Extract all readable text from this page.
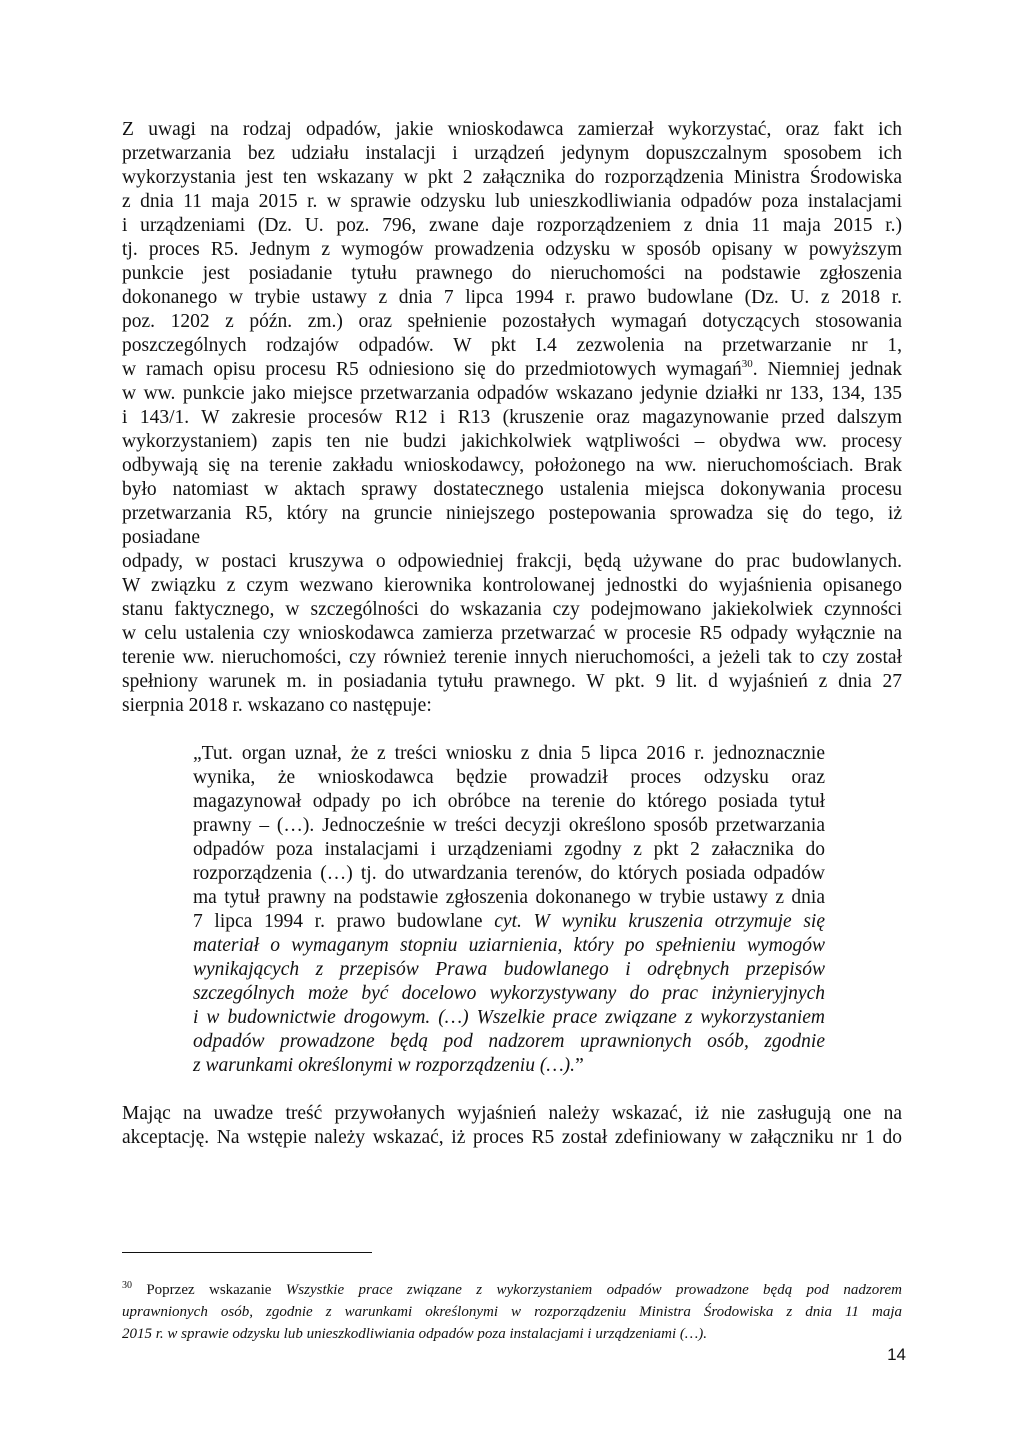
Z uwagi na rodzaj odpadów, jakie wnioskodawca zamierzał wykorzystać, oraz fakt ich

przetwarzania bez udziału instalacji i urządzeń jedynym dopuszczalnym sposobem ich

wykorzystania jest ten wskazany w pkt 2 załącznika do rozporządzenia Ministra Środowiska

z dnia 11 maja 2015 r. w sprawie odzysku lub unieszkodliwiania odpadów poza instalacjami

i urządzeniami (Dz. U. poz. 796, zwane daje rozporządzeniem z dnia 11 maja 2015 r.)

tj. proces R5. Jednym z wymogów prowadzenia odzysku w sposób opisany w powyższym

punkcie jest posiadanie tytułu prawnego do nieruchomości na podstawie zgłoszenia

dokonanego w trybie ustawy z dnia 7 lipca 1994 r. prawo budowlane (Dz. U. z 2018 r.

poz. 1202 z późn. zm.) oraz spełnienie pozostałych wymagań dotyczących stosowania

poszczególnych rodzajów odpadów. W pkt I.4 zezwolenia na przetwarzanie nr 1,

w ramach opisu procesu R5 odniesiono się do przedmiotowych wymagań$^{30}$. Niemniej jednak

w ww. punkcie jako miejsce przetwarzania odpadów wskazano jedynie działki nr 133, 134, 135

i 143/1. W zakresie procesów R12 i R13 (kruszenie oraz magazynowanie przed dalszym

wykorzystaniem) zapis ten nie budzi jakichkolwiek wątpliwości – obydwa ww. procesy

odbywają się na terenie zakładu wnioskodawcy, położonego na ww. nieruchomościach. Brak

było natomiast w aktach sprawy dostatecznego ustalenia miejsca dokonywania procesu

przetwarzania R5, który na gruncie niniejszego postepowania sprowadza się do tego, iż

posiadane

odpady, w postaci kruszywa o odpowiedniej frakcji, będą używane do prac budowlanych.

W związku z czym wezwano kierownika kontrolowanej jednostki do wyjaśnienia opisanego

stanu faktycznego, w szczególności do wskazania czy podejmowano jakiekolwiek czynności

w celu ustalenia czy wnioskodawca zamierza przetwarzać w procesie R5 odpady wyłącznie na

terenie ww. nieruchomości, czy również terenie innych nieruchomości, a jeżeli tak to czy został

spełniony warunek m. in posiadania tytułu prawnego. W pkt. 9 lit. d wyjaśnień z dnia 27

sierpnia 2018 r. wskazano co następuje:

„Tut. organ uznał, że z treści wniosku z dnia 5 lipca 2016 r. jednoznacznie

wynika, że wnioskodawca będzie prowadził proces odzysku oraz

magazynował odpady po ich obróbce na terenie do którego posiada tytuł

prawny – (…). Jednocześnie w treści decyzji określono sposób przetwarzania

odpadów poza instalacjami i urządzeniami zgodny z pkt 2 załacznika do

rozporządzenia (…) tj. do utwardzania terenów, do których posiada odpadów

ma tytuł prawny na podstawie zgłoszenia dokonanego w trybie ustawy z dnia

7 lipca 1994 r. prawo budowlane cyt. W wyniku kruszenia otrzymuje się

materiał o wymaganym stopniu uziarnienia, który po spełnieniu wymogów

wynikających z przepisów Prawa budowlanego i odrębnych przepisów

szczególnych może być docelowo wykorzystywany do prac inżynieryjnych

i w budownictwie drogowym. (…) Wszelkie prace związane z wykorzystaniem

odpadów prowadzone będą pod nadzorem uprawnionych osób, zgodnie

z warunkami określonymi w rozporządzeniu (…).”

Mając na uwadze treść przywołanych wyjaśnień należy wskazać, iż nie zasługują one na

akceptację. Na wstępie należy wskazać, iż proces R5 został zdefiniowany w załączniku nr 1 do

$^{30}$ Poprzez wskazanie Wszystkie prace związane z wykorzystaniem odpadów prowadzone będą pod nadzorem

uprawnionych osób, zgodnie z warunkami określonymi w rozporządzeniu Ministra Środowiska z dnia 11 maja

2015 r. w sprawie odzysku lub unieszkodliwiania odpadów poza instalacjami i urządzeniami (…).

14
